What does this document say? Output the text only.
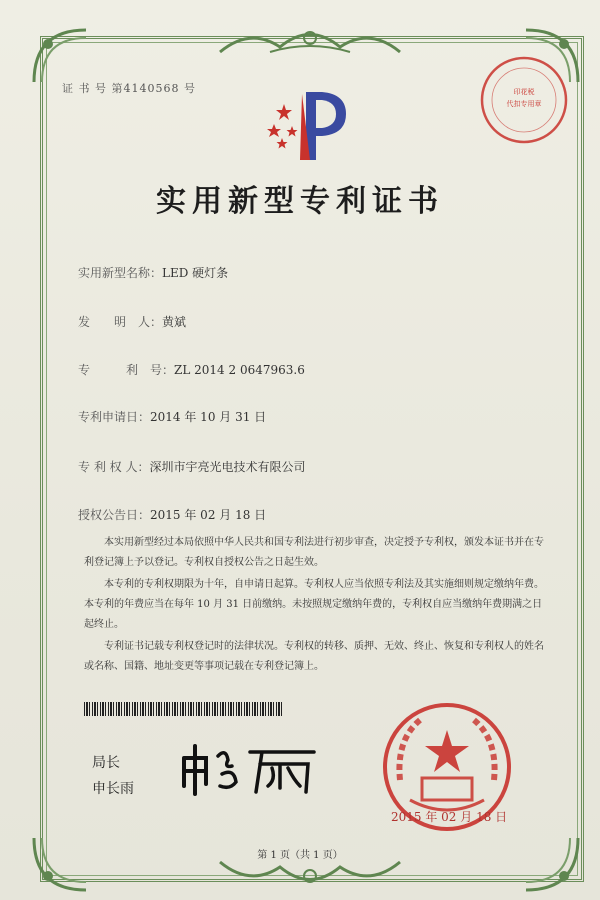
证 书 号 第4140568 号	印花税
代扣专用章
实用新型专利证书
实用新型名称：LED 硬灯条
发　　明　人：黄斌
专　　　利　号：ZL 2014 2 0647963.6
专利申请日：2014 年 10 月 31 日
专 利 权 人：深圳市宇亮光电技术有限公司
授权公告日：2015 年 02 月 18 日

本实用新型经过本局依照中华人民共和国专利法进行初步审查，决定授予专利权，颁发本证书并在专利登记簿上予以登记。专利权自授权公告之日起生效。

本专利的专利权期限为十年，自申请日起算。专利权人应当依照专利法及其实施细则规定缴纳年费。本专利的年费应当在每年 10 月 31 日前缴纳。未按照规定缴纳年费的，专利权自应当缴纳年费期满之日起终止。

专利证书记载专利权登记时的法律状况。专利权的转移、质押、无效、终止、恢复和专利权人的姓名或名称、国籍、地址变更等事项记载在专利登记簿上。

局长
申长雨
2015 年 02 月 18 日
第 1 页（共 1 页）
